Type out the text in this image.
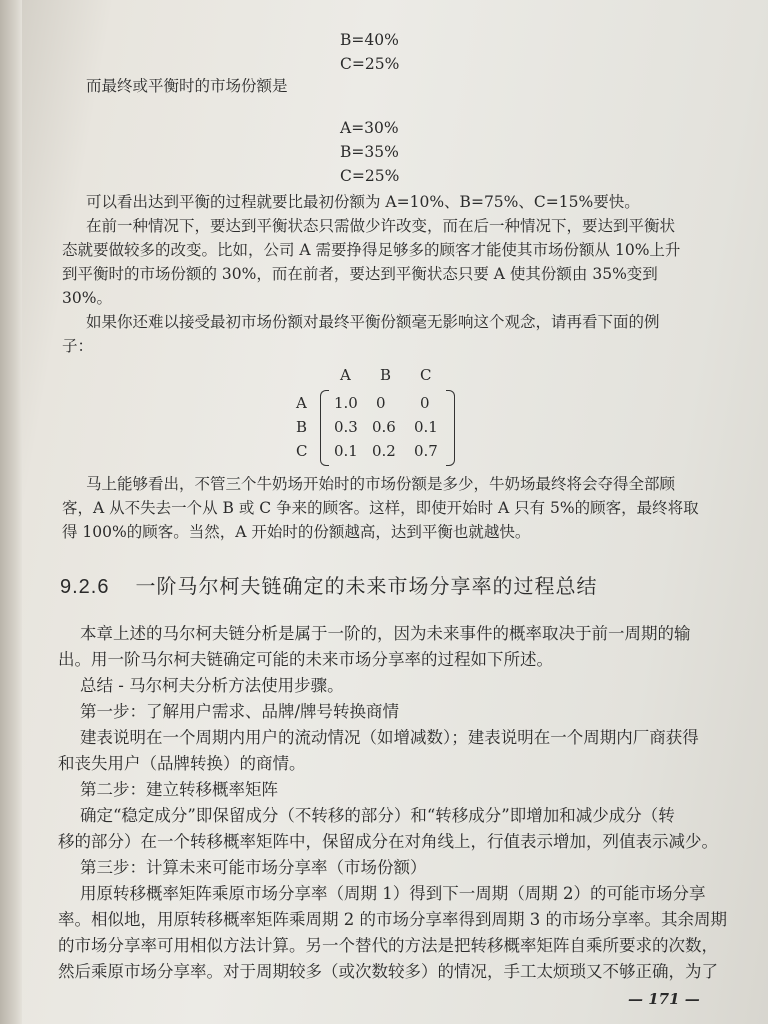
B=40%
C=25%
而最终或平衡时的市场份额是
A=30%
B=35%
C=25%
可以看出达到平衡的过程就要比最初份额为 A=10%、B=75%、C=15%要快。
在前一种情况下，要达到平衡状态只需做少许改变，而在后一种情况下，要达到平衡状
态就要做较多的改变。比如，公司 A 需要挣得足够多的顾客才能使其市场份额从 10%上升
到平衡时的市场份额的 30%，而在前者，要达到平衡状态只要 A 使其份额由 35%变到
30%。
如果你还难以接受最初市场份额对最终平衡份额毫无影响这个观念，请再看下面的例
子：
A B C
A
B
C
1.0 0 0
0.3 0.6 0.1
0.1 0.2 0.7
马上能够看出，不管三个牛奶场开始时的市场份额是多少，牛奶场最终将会夺得全部顾
客，A 从不失去一个从 B 或 C 争来的顾客。这样，即使开始时 A 只有 5%的顾客，最终将取
得 100%的顾客。当然，A 开始时的份额越高，达到平衡也就越快。
9.2.6 一阶马尔柯夫链确定的未来市场分享率的过程总结
本章上述的马尔柯夫链分析是属于一阶的，因为未来事件的概率取决于前一周期的输
出。用一阶马尔柯夫链确定可能的未来市场分享率的过程如下所述。
总结 - 马尔柯夫分析方法使用步骤。
第一步：了解用户需求、品牌/牌号转换商情
建表说明在一个周期内用户的流动情况（如增减数）；建表说明在一个周期内厂商获得
和丧失用户（品牌转换）的商情。
第二步：建立转移概率矩阵
确定“稳定成分”即保留成分（不转移的部分）和“转移成分”即增加和减少成分（转
移的部分）在一个转移概率矩阵中，保留成分在对角线上，行值表示增加，列值表示减少。
第三步：计算未来可能市场分享率（市场份额）
用原转移概率矩阵乘原市场分享率（周期 1）得到下一周期（周期 2）的可能市场分享
率。相似地，用原转移概率矩阵乘周期 2 的市场分享率得到周期 3 的市场分享率。其余周期
的市场分享率可用相似方法计算。另一个替代的方法是把转移概率矩阵自乘所要求的次数，
然后乘原市场分享率。对于周期较多（或次数较多）的情况，手工太烦琐又不够正确，为了
— 171 —
